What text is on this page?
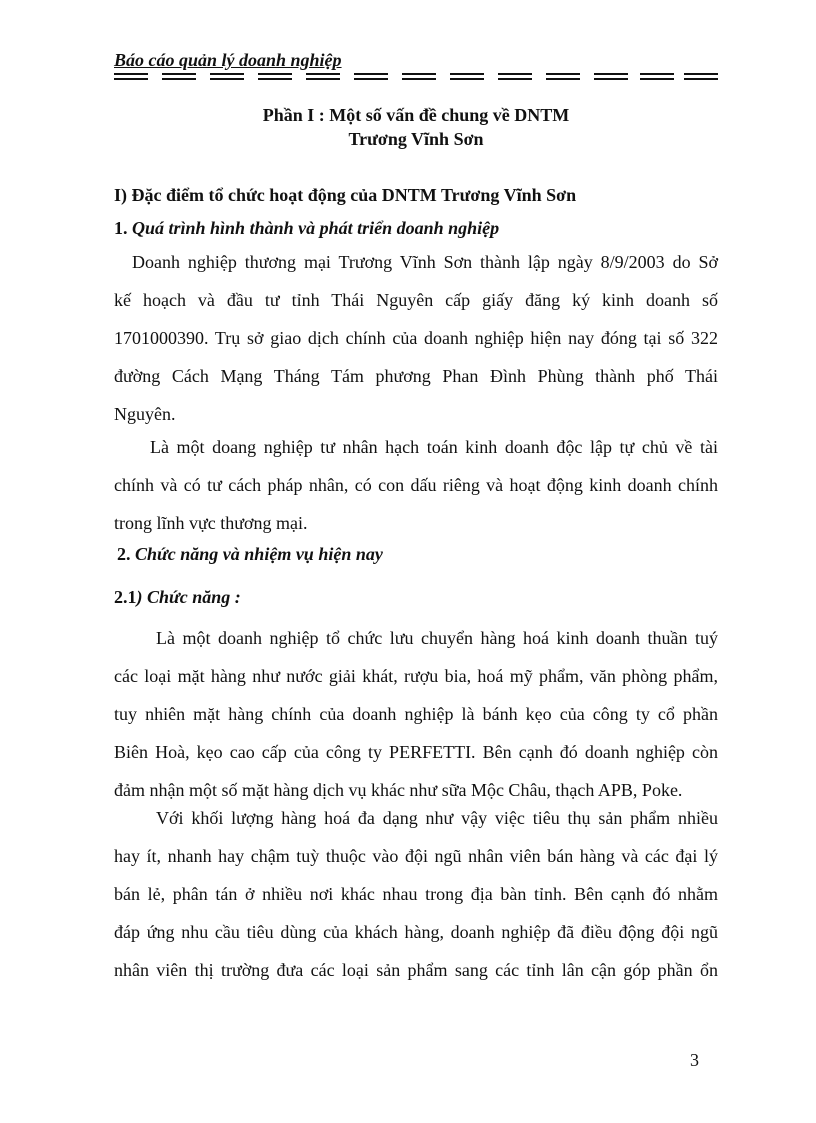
Báo cáo quản lý doanh nghiệp
Phần I : Một số vấn đề chung về DNTM
Trương Vĩnh Sơn
I) Đặc điểm tổ chức hoạt động của DNTM Trương Vĩnh Sơn
1. Quá trình hình thành và phát triển doanh nghiệp
Doanh nghiệp thương mại Trương Vĩnh Sơn thành lập ngày 8/9/2003 do Sở
kế hoạch và đầu tư tỉnh Thái Nguyên cấp giấy đăng ký kinh doanh số
1701000390. Trụ sở giao dịch chính của doanh nghiệp hiện nay đóng tại số 322
đường Cách Mạng Tháng Tám phương Phan Đình Phùng thành phố Thái
Nguyên.
Là một doang nghiệp tư nhân hạch toán kinh doanh độc lập tự chủ về tài
chính và có tư cách pháp nhân, có con dấu riêng và hoạt động kinh doanh chính
trong lĩnh vực thương mại.
2. Chức năng và nhiệm vụ hiện nay
2.1) Chức năng :
Là một doanh nghiệp tổ chức lưu chuyển hàng hoá kinh doanh thuần tuý
các loại mặt hàng như nước giải khát, rượu bia, hoá mỹ phẩm, văn phòng phẩm,
tuy nhiên mặt hàng chính của doanh nghiệp là bánh kẹo của công ty cổ phần
Biên Hoà, kẹo cao cấp của công ty PERFETTI. Bên cạnh đó doanh nghiệp còn
đảm nhận một số mặt hàng dịch vụ khác như sữa Mộc Châu, thạch APB, Poke.
Với khối lượng hàng hoá đa dạng như vậy việc tiêu thụ sản phẩm nhiều
hay ít, nhanh hay chậm tuỳ thuộc vào đội ngũ nhân viên bán hàng và các đại lý
bán lẻ, phân tán ở nhiều nơi khác nhau trong địa bàn tỉnh. Bên cạnh đó nhằm
đáp ứng nhu cầu tiêu dùng của khách hàng, doanh nghiệp đã điều động đội ngũ
nhân viên thị trường đưa các loại sản phẩm sang các tỉnh lân cận góp phần ổn
3
